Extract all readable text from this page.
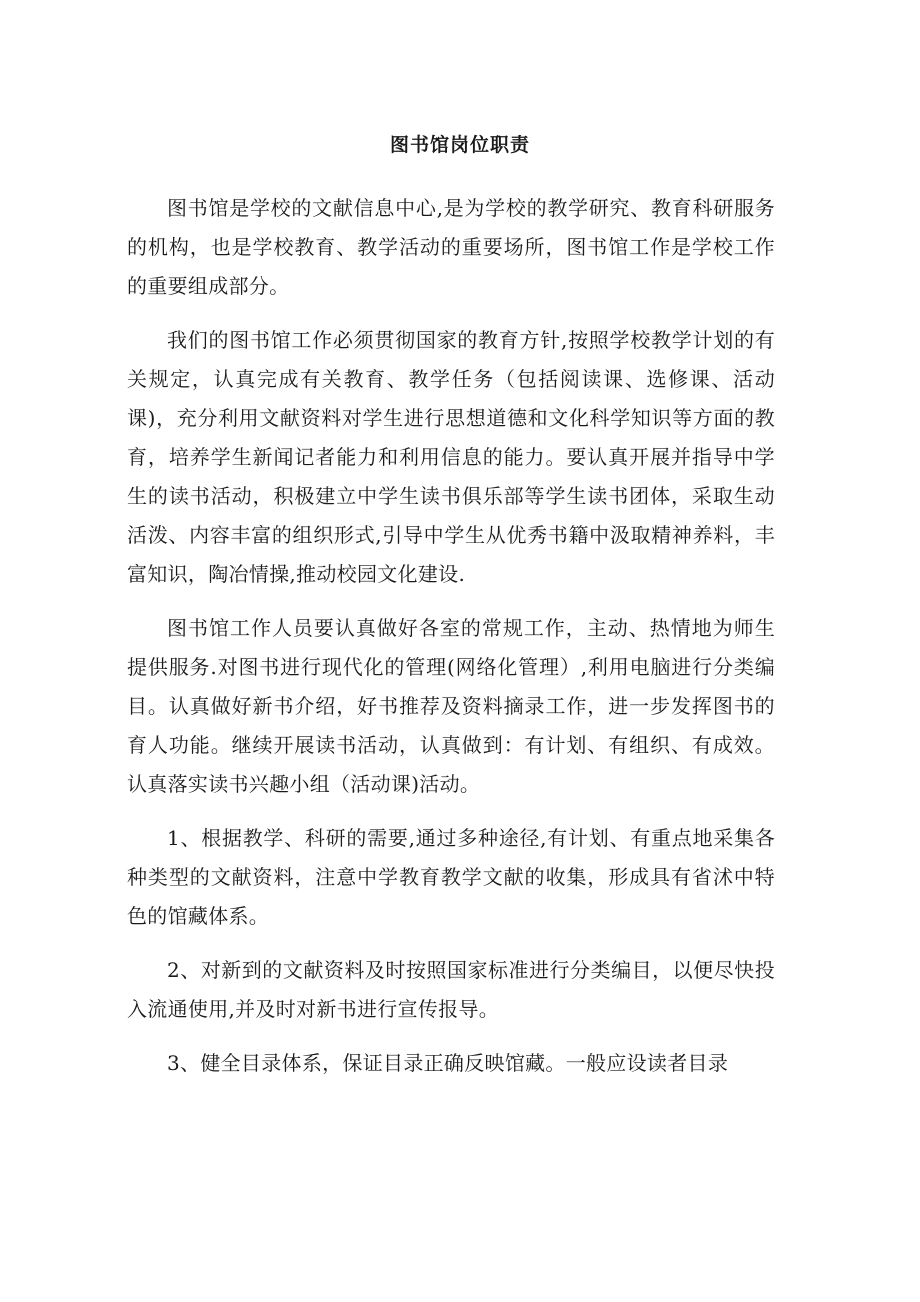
图书馆岗位职责

图书馆是学校的文献信息中心,是为学校的教学研究、教育科研服务的机构，也是学校教育、教学活动的重要场所，图书馆工作是学校工作的重要组成部分。

我们的图书馆工作必须贯彻国家的教育方针,按照学校教学计划的有关规定，认真完成有关教育、教学任务（包括阅读课、选修课、活动课)，充分利用文献资料对学生进行思想道德和文化科学知识等方面的教育，培养学生新闻记者能力和利用信息的能力。要认真开展并指导中学生的读书活动，积极建立中学生读书俱乐部等学生读书团体，采取生动活泼、内容丰富的组织形式,引导中学生从优秀书籍中汲取精神养料，丰富知识，陶冶情操,推动校园文化建设.

图书馆工作人员要认真做好各室的常规工作，主动、热情地为师生提供服务.对图书进行现代化的管理(网络化管理）,利用电脑进行分类编目。认真做好新书介绍，好书推荐及资料摘录工作，进一步发挥图书的育人功能。继续开展读书活动，认真做到：有计划、有组织、有成效。认真落实读书兴趣小组（活动课)活动。

1、根据教学、科研的需要,通过多种途径,有计划、有重点地采集各种类型的文献资料，注意中学教育教学文献的收集，形成具有省沭中特色的馆藏体系。

2、对新到的文献资料及时按照国家标准进行分类编目，以便尽快投入流通使用,并及时对新书进行宣传报导。

3、健全目录体系，保证目录正确反映馆藏。一般应设读者目录
